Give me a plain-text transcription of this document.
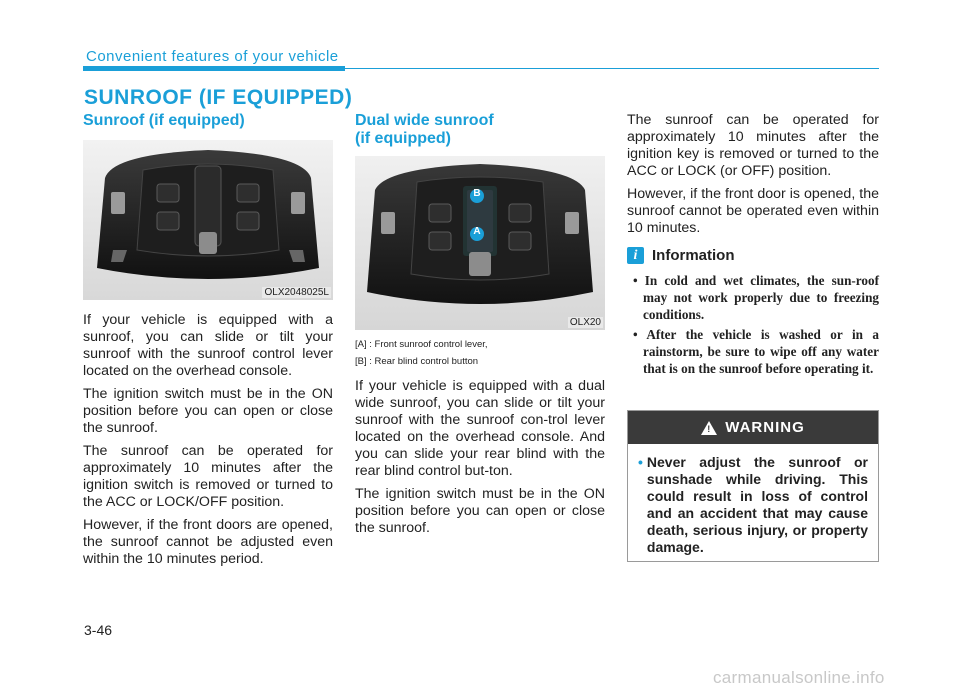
Convenient features of your vehicle
SUNROOF (IF EQUIPPED)
Sunroof (if equipped)
OLX2048025L

If your vehicle is equipped with a sunroof, you can slide or tilt your sunroof with the sunroof control lever located on the overhead console.

The ignition switch must be in the ON position before you can open or close the sunroof.

The sunroof can be operated for approximately 10 minutes after the ignition switch is removed or turned to the ACC or LOCK/OFF position.

However, if the front doors are opened, the sunroof cannot be adjusted even within the 10 minutes period.

Dual wide sunroof
(if equipped)
B
A
OLX20
[A] : Front sunroof control lever,
[B] : Rear blind control button

If your vehicle is equipped with a dual wide sunroof, you can slide or tilt your sunroof with the sunroof con-trol lever located on the overhead console. And you can slide your rear blind with the rear blind control but-ton.

The ignition switch must be in the ON position before you can open or close the sunroof.

The sunroof can be operated for approximately 10 minutes after the ignition key is removed or turned to the ACC or LOCK (or OFF) position.

However, if the front door is opened, the sunroof cannot be operated even within 10 minutes.

i Information
• In cold and wet climates, the sun-roof may not work properly due to freezing conditions.
• After the vehicle is washed or in a rainstorm, be sure to wipe off any water that is on the sunroof before operating it.
! WARNING
• Never adjust the sunroof or sunshade while driving. This could result in loss of control and an accident that may cause death, serious injury, or property damage.
3-46
carmanualsonline.info
